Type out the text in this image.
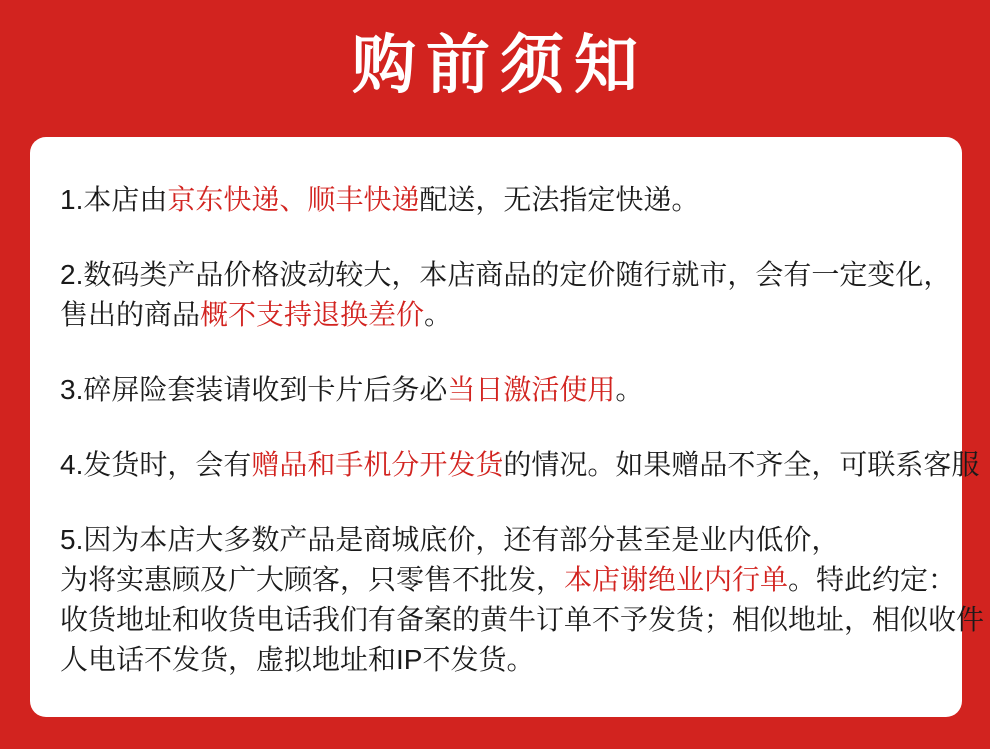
购前须知
1.本店由京东快递、顺丰快递配送，无法指定快递。
2.数码类产品价格波动较大，本店商品的定价随行就市，会有一定变化，
售出的商品概不支持退换差价。
3.碎屏险套装请收到卡片后务必当日激活使用。
4.发货时，会有赠品和手机分开发货的情况。如果赠品不齐全，可联系客服
5.因为本店大多数产品是商城底价，还有部分甚至是业内低价，
为将实惠顾及广大顾客，只零售不批发，本店谢绝业内行单。特此约定：
收货地址和收货电话我们有备案的黄牛订单不予发货；相似地址，相似收件
人电话不发货，虚拟地址和IP不发货。
